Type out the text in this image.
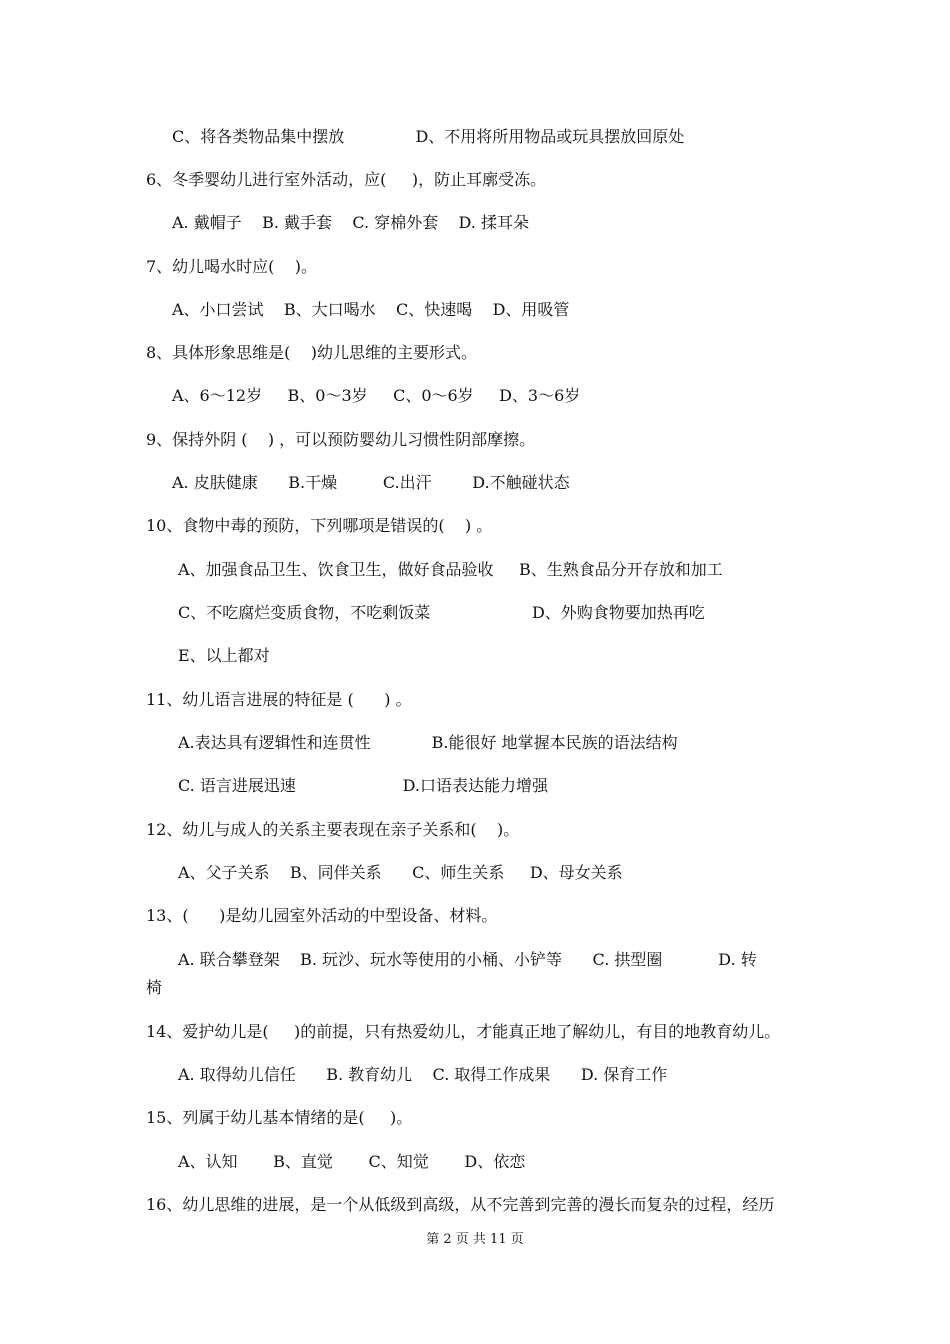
C、将各类物品集中摆放              D、不用将所用物品或玩具摆放回原处
6、冬季婴幼儿进行室外活动，应(     )，防止耳廓受冻。
A. 戴帽子    B. 戴手套    C. 穿棉外套    D. 揉耳朵
7、幼儿喝水时应(    )。
A、小口尝试    B、大口喝水    C、快速喝    D、用吸管
8、具体形象思维是(    )幼儿思维的主要形式。
A、6～12岁     B、0～3岁     C、0～6岁     D、3～6岁
9、保持外阴 (    ) ，可以预防婴幼儿习惯性阴部摩擦。
A. 皮肤健康      B.干燥         C.出汗        D.不触碰状态
10、食物中毒的预防，下列哪项是错误的(    ) 。
A、加强食品卫生、饮食卫生，做好食品验收     B、生熟食品分开存放和加工
C、不吃腐烂变质食物，不吃剩饭菜                    D、外购食物要加热再吃
E、以上都对
11、幼儿语言进展的特征是 (      ) 。
A.表达具有逻辑性和连贯性            B.能很好 地掌握本民族的语法结构
C. 语言进展迅速                     D.口语表达能力增强
12、幼儿与成人的关系主要表现在亲子关系和(    )。
A、父子关系    B、同伴关系      C、师生关系     D、母女关系
13、(      )是幼儿园室外活动的中型设备、材料。
A. 联合攀登架    B. 玩沙、玩水等使用的小桶、小铲等      C. 拱型圈           D. 转
椅
14、爱护幼儿是(     )的前提，只有热爱幼儿，才能真正地了解幼儿，有目的地教育幼儿。
A. 取得幼儿信任      B. 教育幼儿    C. 取得工作成果      D. 保育工作
15、列属于幼儿基本情绪的是(     )。
A、认知       B、直觉       C、知觉       D、依恋
16、幼儿思维的进展，是一个从低级到高级，从不完善到完善的漫长而复杂的过程，经历
第 2 页 共 11 页
